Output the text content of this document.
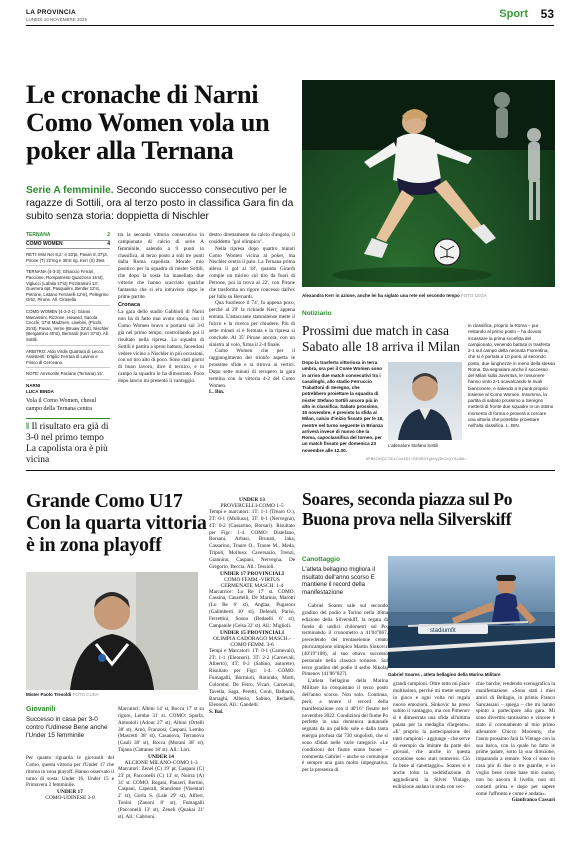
LA PROVINCIA
LUNEDÌ 10 NOVEMBRE 2025	Sport 53
Le cronache di Narni Como Women vola un poker alla Ternana

Serie A femminile. Secondo successo consecutivo per le ragazze di Sottili, ora al terzo posto in classifica Gara fin da subito senza storia: doppietta di Nischler

TERNANA	2
COMO WOMEN	4
RETI: Mist Ner 8,2 ' e 33'pt, Pavan 6',37'pt, Pirone (T) 22'mg e 35'st rig, Kerr (S) 29st.
TERNANA (4-3-3): Ghiaccio Ferrari, Paccione, Rompamenti Quazzoso 15'st), Viglucci (Lafaila 27'st) Pizzitramini 13', Guerrera 6pt, Pasqualini, Bentler 12'st, Petrone, Listano Ferrarelli 12'st), Pellegrino Ortiz, Pirone. All. Cirasella
COMO WOMEN (4-3-2-1): Gianni Marcassini, Rizzone, Howard, Sacola Cecchi, 37'st Madzsen, Lisebini, (Picchi, 25'st), Pavan, Verne (Bruaw 32'st), Nischler (Bergamino 40'st), Bernardi (Kerr 37'st). All. Sottili.
ARBITRO: Aldo Virdis Quartara di Lecco. Assistenti: D'Igilio Ferrara di Lavinio e Frisco di Cerceano.
NOTE: Ammonite Paciane (Ternana) 15'.
NARNI
LUCA BINDA
Vola il Como Women, chesul campo della Ternana centra
‖ Il risultato era già di 3-0 nel primo tempo La capolista ora è più vicina

tra la seconda vittoria consecutiva in campionato di calcio di serie A femminile, salendo a 9 punti in classifica, al terzo posto a soli tre punti dalla Roma capolista. Morale mio positivo per la squadra di mister Sottili, che dopo la sosta ha inanellato due vittorie che hanno scacciato qualche fantasma che si era intravisto dopo le prime partite.

Cronaca

La gara dello stadio Gabbioli di Narni non ha di fatto mai avuto storia, con il Como Women bravo a portarsi sul 3-0 già nel primo tempo, controllando poi il risultato nella ripresa. La squadra di Sottili è partita a spron battuto, facendosi vedere vicino a Nischler in più occasioni, con un tiro alto di poco. Sono stati giorni di buon lavoro, dice il tecnico, e in campo la squadra lo ha dimostrato. Poco dopo lancio mi presentò il vantaggio.

destro direttamente da calcio d'angolo, il cosiddetto "gol olimpico".

Nella ripresa dopo quattro minuti Como Women vicina al poker, ma Nischler centra il palo. La Ternana prima alleva il gol al 18', quando Girardi compie un mirino col tiro da fuori di Petrone, poi la trova al 22', con Pirone che trasforma un rigore concesso dall'ex per fallo su Bernardi.

Qua fuoriesce il 74', fa appena poco, perché al 29' la richiude Kerr, appena entrata. L'attaccante statunitense mette il fulcro e la ricerca per chiudere. Più di sette minuti si è fermata e la ripresa si conclude. Al 35' Pirone ancora, con un sinistro al volo, firma il 2-4 finale.

Como Women che per il raggiungimento del trionfo aspetta le prossime sfide e si ritrova ai vertici. Dopo sette minuti di recupero la gara termina con la vittoria 4-2 del Como Women.

L. Bin.

Alexandra Kerr in azione, anche lei ha siglato una rete nel secondo tempo FOTO LEGA
Notiziario
Prossimi due match in casa Sabato alle 18 arriva il Milan

Dopo la trasferta vittoriosa in terra umbra, ora per il Come Women sono in arrivo due match consecutivi tra i casalinghi, allo stadio Ferruccio Trabattoni di Seregno, che potrebbero proiettare la squadra di mister Stefano Sottili ancora più in alto in classifica. Sabato prossimo, 15 novembre, è previsto la sfida al Milan, calcio d'inizio fissato per le 18, mentre nel turno seguente in Brianza arriverà invece di nuovo che la Roma, capoclassifica del torneo, per un match fissato per domenica 23 novembre alle 12.30.

L'allenatore Stefano Sottili
in classifica, proprio la Roma – pur restando al primo posto – ha dovuto incassare la prima sconfitta del campionato, venendo battuta in trasferta 2-1 sul campo della neonata Fiorentina, che si è portata a 10 punti, al secondo posto, due lunghezze in meno della stessa Roma. Da segnalare anche il successo del Milan sulla Juventus, le rossonere hanno vinto 2-1 scavalcando le rivali bianconere, e salendo a 9 punti proprio insieme al Como Women. Insomma, la partita di sabato prossimo a Seregno metterà di fronte due squadre in un ottimo momento di forma e proverà a cercare una vittoria che potrebbe proiettare nell'alta classifica. L. BIN.
6PBKOHQCT5tLCnlr5D1+BESBV5gkHyj3hCcQYSvl8A=
Grande Como U17 Con la quarta vittoria è in zona playoff
Mister Paolo Tresoldi FOTO CUSA
Giovanili

Successo in casa per 3-0 contro l'Udinese Bene anche l'Under 15 femminile

Per quanto riguarda le giovanili del Como, questa vittoria per l'Under 17 che ritorna in zona playoff. Hanno osservato il turno di sosta: Under 16, Under 15 e Primavera 2 femminile.

UNDER 17

COMO-UDINESE 3-0

Marcatori: Albini 14' st, Bocca 17' st su rigore, Lembo 31' st. COMO: Sparfa, Antonioli (Adour 27' st), Albini (Ortelli 38' st), Arnò, Franzosi, Caspani, Lembo (Mascetti 38' st), Casanova, Terranova (Cauli 38' st), Bocca (Morani 38' st), Tajano (Cattaneo 18' st). All.: Lori.

UNDER 14

ALCIONE MILANO-COMO 1-3

Marcatori: Zenel (C) 19' pt, Caspani (C) 23' pt, Pacconelli (C) 13' st, Noirra (A) 31' st. COMO: Bogani, Panzeri, Bertini, Caspani, Caperali, Stanzione (Visentari 2' st), Gorla S. (Lale 29' st), Alfieri, Tonini (Zanoni 8' st), Fumagalli (Pacconelli 13' st), Zeneli (Quakai 21' st). All.: Cabrioni.

UNDER 13

PROVERCELLI-COMO 1-5

Tempi e marcatori: 1T: 1-1 (Trearo O.), 2T: 0-1 (Molluso), 3T: 0-1 (Nervegna), 4T: 0-2 (Cassarino, Borsari). Risultato per Figc: 1-4. COMO: Distefano, Borsani, Arbasi, Brunati, Jaka, Cassarino, Traore O., Traore M., Meda, Tripoli, Molluso; Caversazio, Trenzi, Giannino, Caspani, Nervegna, De Gregorio, Beccia. All.: Tessioli.

UNDER 17 PROVINCIALI

COMO FEMM.-VIRTUS CERMENATE MASCH. 1-4

Marcatrice: Lo Re 17' st. COMO: Cassina, Casartelli, De Marinis, Marotti (Lo Re 6' st), Anglaa, Pugaroni (Galimberti 10' st), Defendi, Parisi, Ferrettini, Sosno (Bedaelli 6' st), Campanile (Celsa 33' st). All.: Miglioli.

UNDER 15 PROVINCIALI

OLIMPIA CADORAGO MASCH.-COMO FEMM. 3-6

Tempi e Marcatori: 1T: 0-1 (Carnevali), 2T: 1-1 (Eleonori). 3T: 2-2 (Carnevali, Alberto), 4T: 0-2 (Sabino, autorete). Risultato per Figc: 1-4. COMO: Fumagalli, Bormioli, Rotondo, Motti, Colombo; De Ferro, Vicari, Carnevali, Tavella, Saga, Peretti, Conti, Balbarin, Barraghi, Alberio, Sabino, Redaelli, Eleonori. All.: Gandelli.

S. Bal.

Soares, seconda piazza sul Po Buona prova nella Silverskiff
Canottaggio

L'atleta bellagino migliora il risultato dell'anno scorso E mantiene il record della manifestazione

Gabriel Soares sale sul secondo gradino del podio a Torino nella 36ma edizione della Silverskiff, la regata di fondo di undici chilometri sul Po, terminando il cronometro a 41'04"867, precedendo del trentaseienne creato pluricampione olimpico Martin Sinkovic (40'19"108), al suo ottavo successo personale nella classica torinese. Sul terzo gradino del podio il serbo Nikolaj Pimenov (41'06"827).

L'atleta bellagino della Marina Militare ha conquistato il terzo posto dell'anno scorso. Non solo. Continua, però, a tenere il record della manifestazione con il 40'16" fissato nel novembre 2022. Condizioni del fiume Po perfette in una domenica autunnale segnata da un pallido sole e dalla tanta energia profusa dai 730 singolisti, che si sono sfidati nelle varie categorie. «Le condizioni del fiume erano buone – commenta Gabriel – anche se comunque è sempre una gara molto impegnativa, per la presenza di

stadiumfit
Gabriel Soares , atleta bellagino della Marina Militare

grandi campioni. Oltre tutto mi piace moltissimo, perché mi mette sempre in gioco e ogni volta mi regala nuove emozioni. Sinkovic ha preso subito il vantaggio, ma con Pimenov si è dimostrata una sfida all'ultima palata per la medaglia d'argento». «E' proprio la partecipazione dei tanti campioni - aggiunge - che serve di esempio da imitare da parte dei giovani, che anche in questa occasione sono stati numerosi. Ciò fa bene al canottaggio». Soares si è anche tolto la soddisfazione di aggiudicarsi la Silver Vintage, esibizione andata in onda con vec-

chie barche, rendendo scenografica la manifestazione. «Sono stati i miei amici di Bellagio, in primis Franco Sancassani – spiega – che mi hanno spinto a partecipare alla gara. Mi sono divertito tantissimo e vincere è stato il coronamento al mio primo allenatore Chicco Mocenny, che l'anno prossimo farà la Vintage con la sua barca, con la quale ho fatto le prime palate, sotto la sua direzione, imparando a remare. Non ci sono in casa più di due o tre guardie, e io voglio bene come base mio suono, non ho ancora il livello, non mi contatti prima e dopo per sapere come l'affronto e come è andata».

Gianfranco Cassari
